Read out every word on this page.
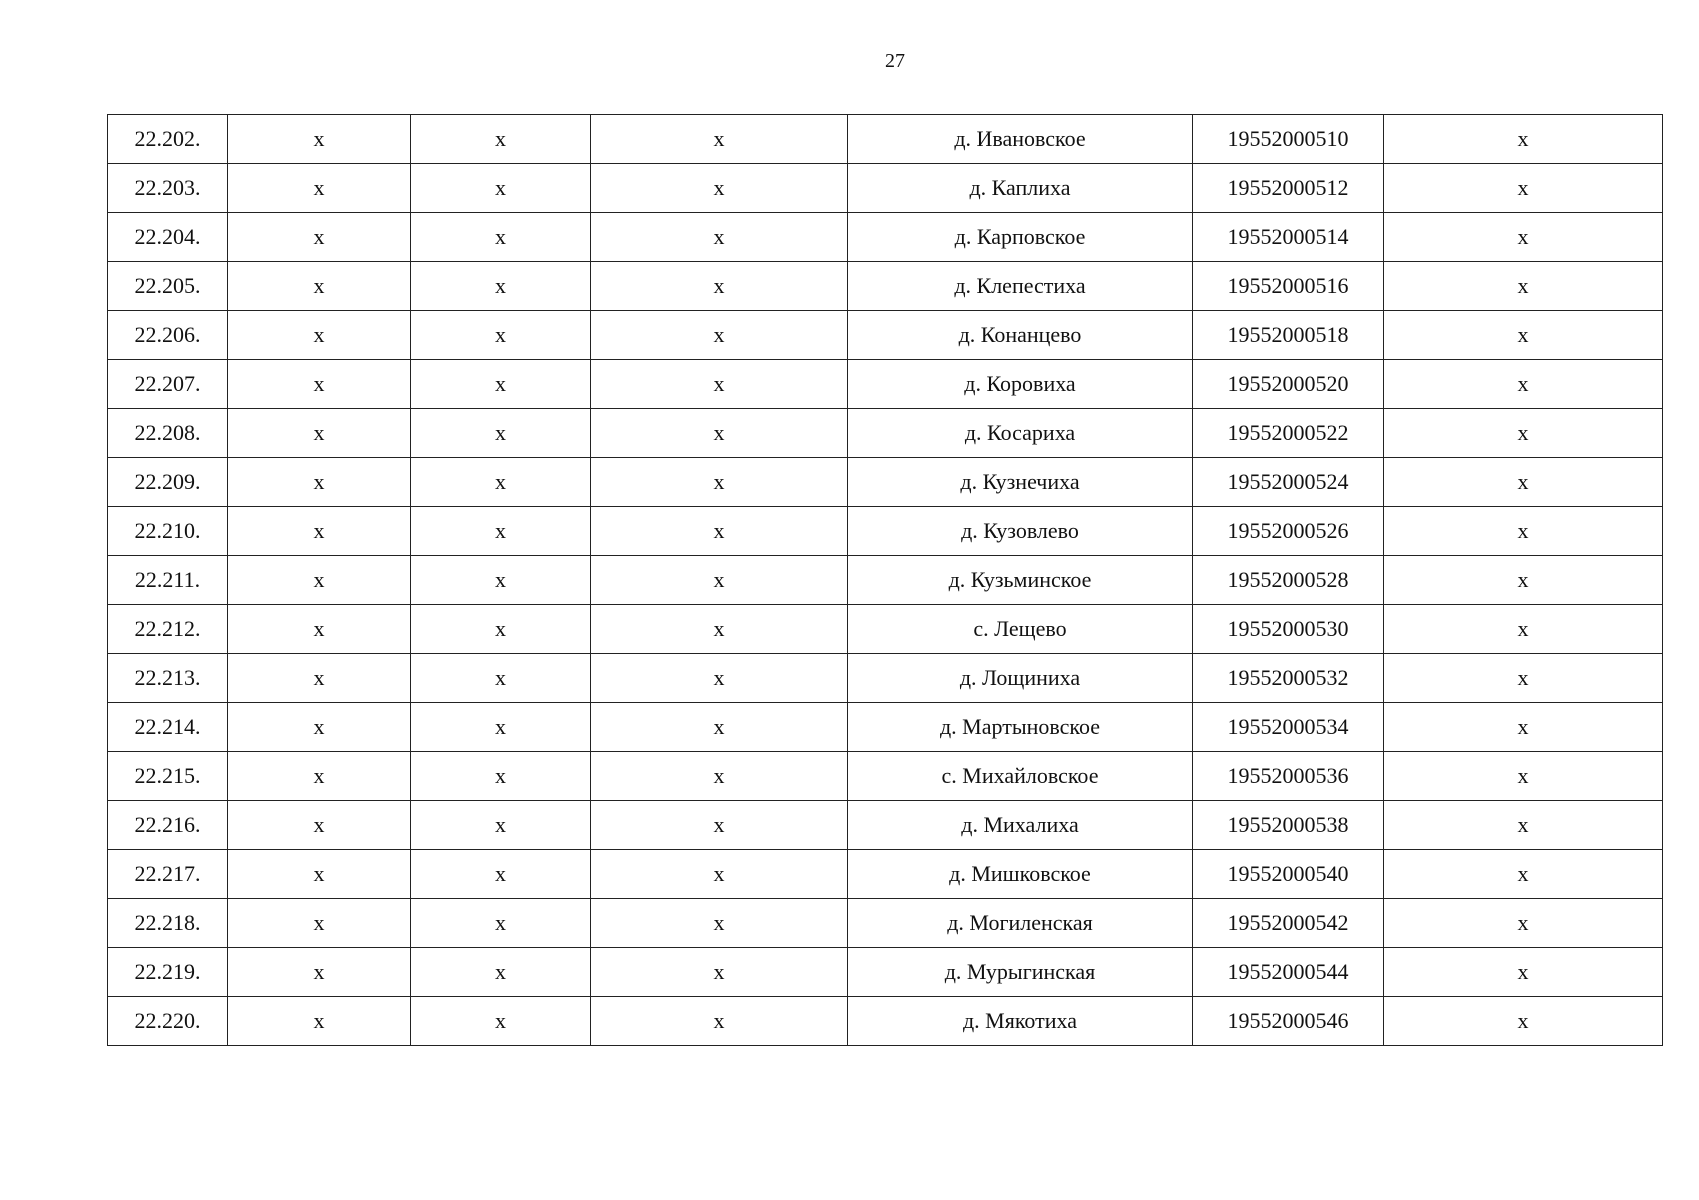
27
22.202.	х	х	х	д. Ивановское	19552000510	х
22.203.	х	х	х	д. Каплиха	19552000512	х
22.204.	х	х	х	д. Карповское	19552000514	х
22.205.	х	х	х	д. Клепестиха	19552000516	х
22.206.	х	х	х	д. Конанцево	19552000518	х
22.207.	х	х	х	д. Коровиха	19552000520	х
22.208.	х	х	х	д. Косариха	19552000522	х
22.209.	х	х	х	д. Кузнечиха	19552000524	х
22.210.	х	х	х	д. Кузовлево	19552000526	х
22.211.	х	х	х	д. Кузьминское	19552000528	х
22.212.	х	х	х	с. Лещево	19552000530	х
22.213.	х	х	х	д. Лощиниха	19552000532	х
22.214.	х	х	х	д. Мартыновское	19552000534	х
22.215.	х	х	х	с. Михайловское	19552000536	х
22.216.	х	х	х	д. Михалиха	19552000538	х
22.217.	х	х	х	д. Мишковское	19552000540	х
22.218.	х	х	х	д. Могиленская	19552000542	х
22.219.	х	х	х	д. Мурыгинская	19552000544	х
22.220.	х	х	х	д. Мякотиха	19552000546	х
